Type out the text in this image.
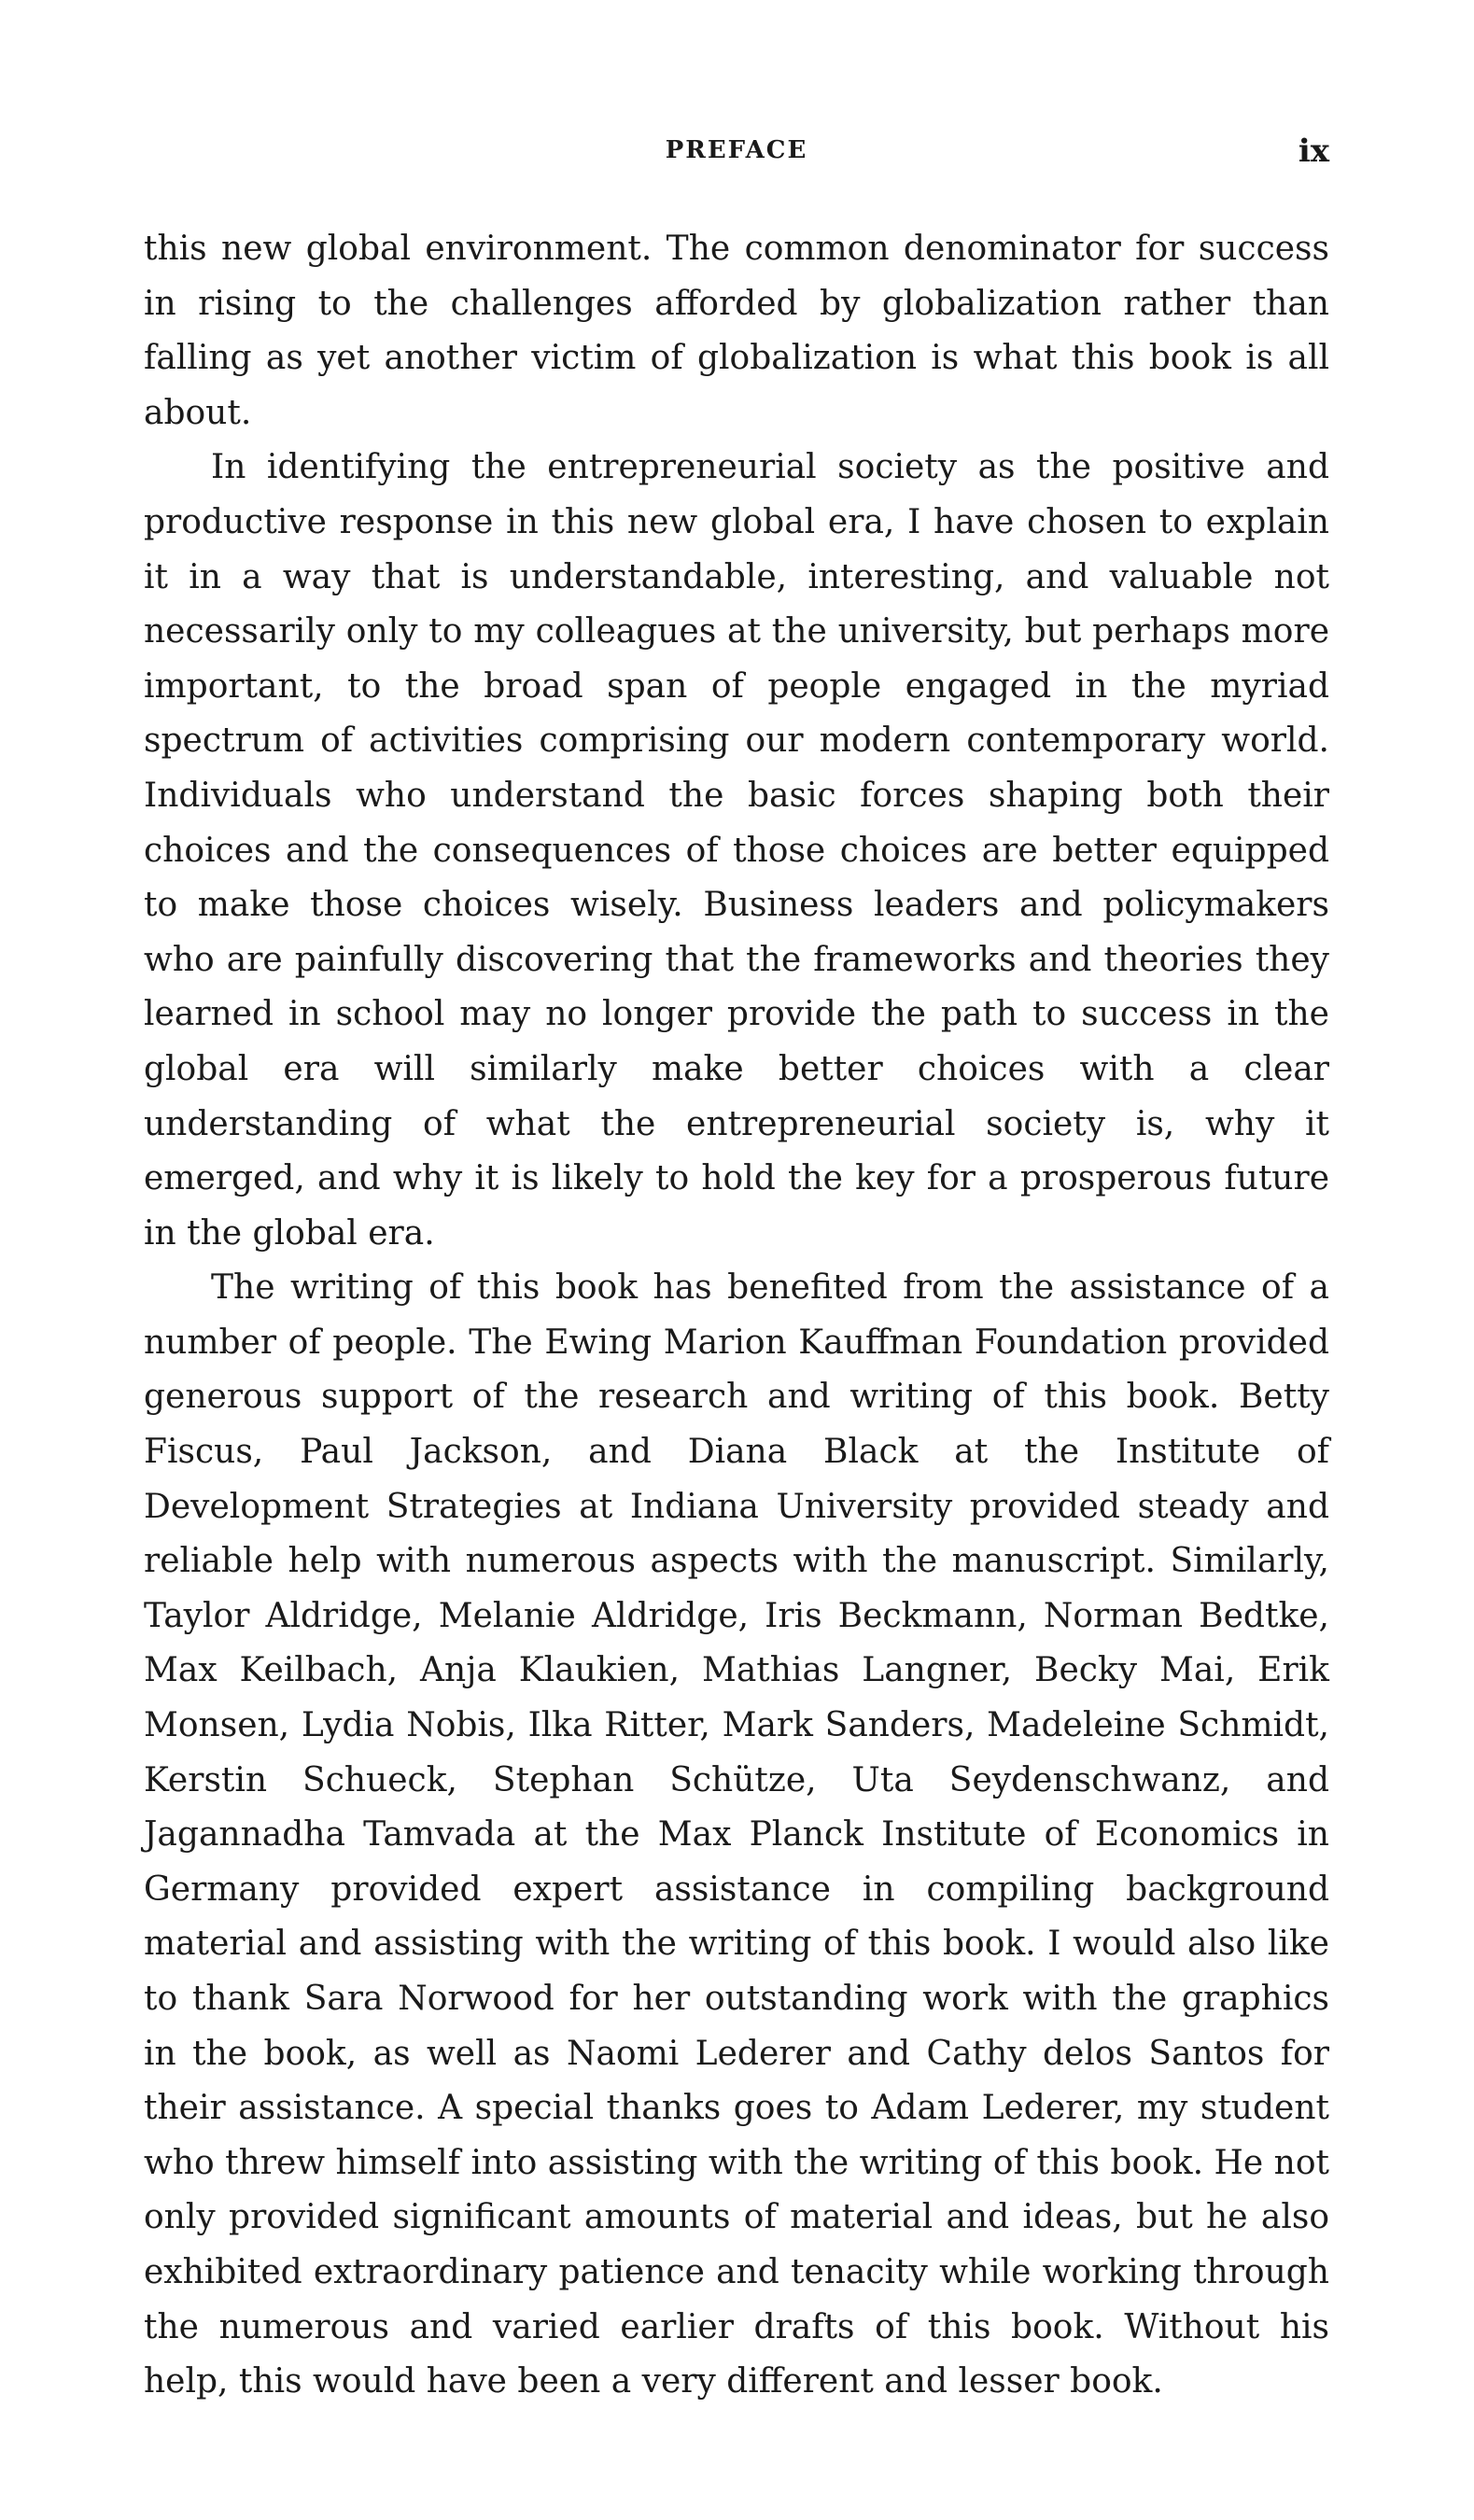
PREFACE	ix

this new global environment. The common denominator for success in rising to the challenges afforded by globalization rather than falling as yet another victim of globalization is what this book is all about.

In identifying the entrepreneurial society as the positive and productive response in this new global era, I have chosen to explain it in a way that is understandable, interesting, and valuable not necessarily only to my colleagues at the university, but perhaps more important, to the broad span of people engaged in the myriad spectrum of activities comprising our modern contemporary world. Individuals who understand the basic forces shaping both their choices and the consequences of those choices are better equipped to make those choices wisely. Business leaders and policymakers who are painfully discovering that the frameworks and theories they learned in school may no longer provide the path to success in the global era will similarly make better choices with a clear understanding of what the entrepreneurial society is, why it emerged, and why it is likely to hold the key for a prosperous future in the global era.

The writing of this book has benefited from the assistance of a number of people. The Ewing Marion Kauffman Foundation provided generous support of the research and writing of this book. Betty Fiscus, Paul Jackson, and Diana Black at the Institute of Development Strategies at Indiana University provided steady and reliable help with numerous aspects with the manuscript. Similarly, Taylor Aldridge, Melanie Aldridge, Iris Beckmann, Norman Bedtke, Max Keilbach, Anja Klaukien, Mathias Langner, Becky Mai, Erik Monsen, Lydia Nobis, Ilka Ritter, Mark Sanders, Madeleine Schmidt, Kerstin Schueck, Stephan Schütze, Uta Seydenschwanz, and Jagannadha Tamvada at the Max Planck Institute of Economics in Germany provided expert assistance in compiling background material and assisting with the writing of this book. I would also like to thank Sara Norwood for her outstanding work with the graphics in the book, as well as Naomi Lederer and Cathy delos Santos for their assistance. A special thanks goes to Adam Lederer, my student who threw himself into assisting with the writing of this book. He not only provided significant amounts of material and ideas, but he also exhibited extraordinary patience and tenacity while working through the numerous and varied earlier drafts of this book. Without his help, this would have been a very different and lesser book.
